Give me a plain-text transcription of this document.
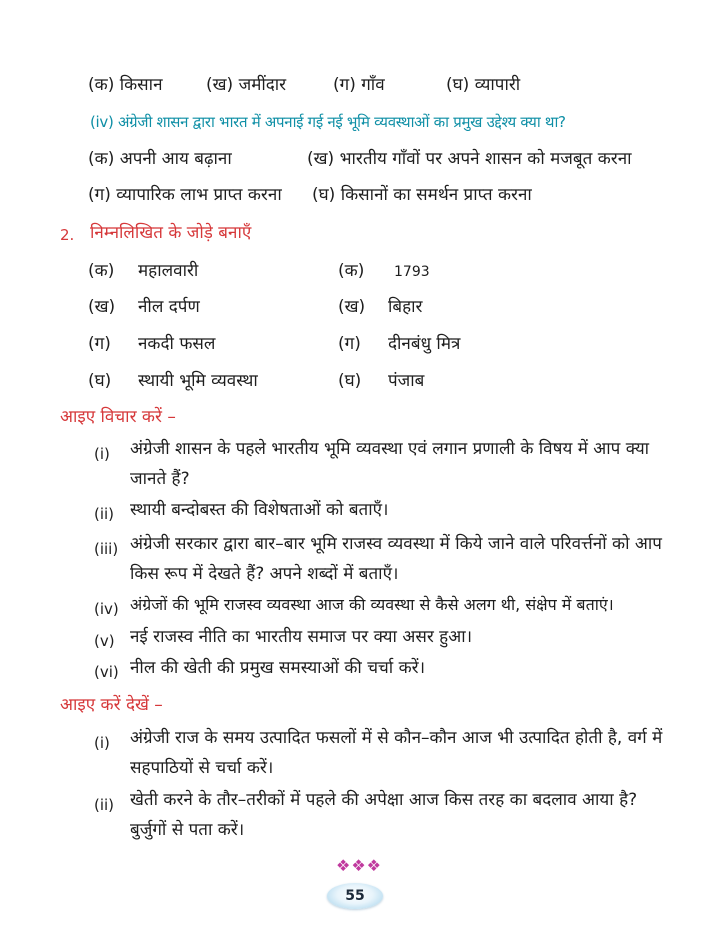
(क) किसान	(ख) जमींदार	(ग) गाँव	(घ) व्यापारी
(iv) अंग्रेजी शासन द्वारा भारत में अपनाई गई नई भूमि व्यवस्थाओं का प्रमुख उद्देश्य क्या था?
(क) अपनी आय बढ़ाना	(ख) भारतीय गाँवों पर अपने शासन को मजबूत करना
(ग) व्यापारिक लाभ प्राप्त करना (घ) किसानों का समर्थन प्राप्त करना
2. निम्नलिखित के जोड़े बनाएँ
(क) महालवारी	(क) 1793
(ख) नील दर्पण	(ख) बिहार
(ग) नकदी फसल	(ग) दीनबंधु मित्र
(घ) स्थायी भूमि व्यवस्था	(घ) पंजाब
आइए विचार करें –
(i) अंग्रेजी शासन के पहले भारतीय भूमि व्यवस्था एवं लगान प्रणाली के विषय में आप क्या जानते हैं?
(ii) स्थायी बन्दोबस्त की विशेषताओं को बताएँ।
(iii) अंग्रेजी सरकार द्वारा बार–बार भूमि राजस्व व्यवस्था में किये जाने वाले परिवर्त्तनों को आप किस रूप में देखते हैं? अपने शब्दों में बताएँ।
(iv) अंग्रेजों की भूमि राजस्व व्यवस्था आज की व्यवस्था से कैसे अलग थी, संक्षेप में बताएं।
(v) नई राजस्व नीति का भारतीय समाज पर क्या असर हुआ।
(vi) नील की खेती की प्रमुख समस्याओं की चर्चा करें।
आइए करें देखें –
(i) अंग्रेजी राज के समय उत्पादित फसलों में से कौन–कौन आज भी उत्पादित होती है, वर्ग में सहपाठियों से चर्चा करें।
(ii) खेती करने के तौर–तरीकों में पहले की अपेक्षा आज किस तरह का बदलाव आया है? बुर्जुगों से पता करें।
❖❖❖
55
